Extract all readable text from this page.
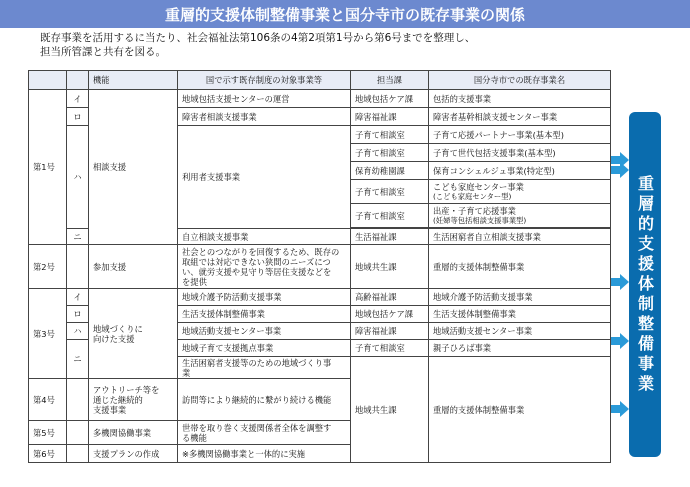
重層的支援体制整備事業と国分寺市の既存事業の関係
既存事業を活用するに当たり、社会福祉法第106条の4第2項第1号から第6号までを整理し、
担当所管課と共有を図る。
		機能	国で示す既存制度の対象事業等	担当課	国分寺市での既存事業名
第1号	イ	相談支援	地域包括支援センターの運営	地域包括ケア課	包括的支援事業
	ロ		障害者相談支援事業	障害福祉課	障害者基幹相談支援センター事業
	ハ		利用者支援事業	子育て相談室	子育て応援パートナー事業(基本型)
				子育て相談室	子育て世代包括支援事業(基本型)
				保育幼稚園課	保育コンシェルジュ事業(特定型)
				子育て相談室	こども家庭センター事業
(こども家庭センター型)

				子育て相談室	出産・子育て応援事業
(妊婦等包括相談支援事業型)

	ニ		自立相談支援事業	生活福祉課	生活困窮者自立相談支援事業
第2号		参加支援	社会とのつながりを回復するため、既存の
取組では対応できない狭間のニーズにつ
い、就労支援や見守り等居住支援などを
を提供	地域共生課	重層的支援体制整備事業
第3号	イ	地域づくりに
向けた支援	地域介護予防活動支援事業	高齢福祉課	地域介護予防活動支援事業
	ロ		生活支援体制整備事業	地域包括ケア課	生活支援体制整備事業
	ハ		地域活動支援センター事業	障害福祉課	地域活動支援センター事業
	ニ		地域子育て支援拠点事業	子育て相談室	親子ひろば事業

			生活困窮者支援等のための地域づくり事
業	地域共生課	重層的支援体制整備事業
第4号		アウトリーチ等を
通じた継続的
支援事業	訪問等により継続的に繋がり続ける機能		
第5号		多機関協働事業	世帯を取り巻く支援関係者全体を調整す
る機能		

第6号		支援プランの作成	※多機関協働事業と一体的に実施		
重層的支援体制整備事業
